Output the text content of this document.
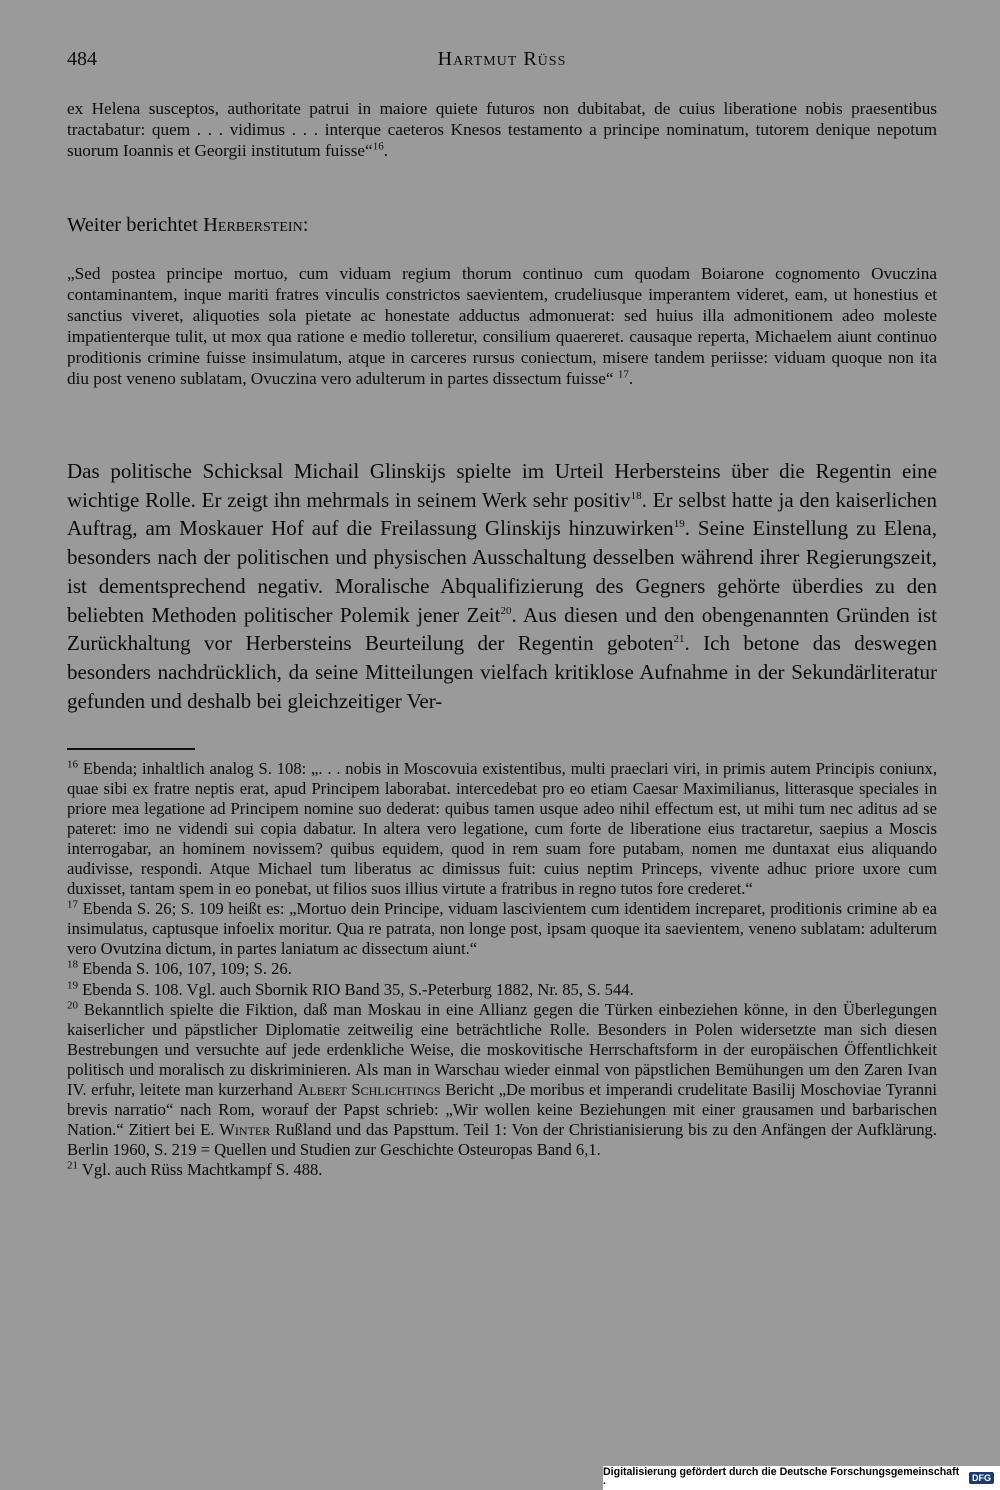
484	Hartmut Rüss
ex Helena susceptos, authoritate patrui in maiore quiete futuros non dubitabat, de cuius liberatione nobis praesentibus tractabatur: quem . . . vidimus . . . interque caeteros Knesos testamento a principe nominatum, tutorem denique nepotum suorum Ioannis et Georgii institutum fuisse“$^{16}$.
Weiter berichtet Herberstein:
„Sed postea principe mortuo, cum viduam regium thorum continuo cum quodam Boiarone cognomento Ovuczina contaminantem, inque mariti fratres vinculis constrictos saevientem, crudeliusque imperantem videret, eam, ut honestius et sanctius viveret, aliquoties sola pietate ac honestate adductus admonuerat: sed huius illa admonitionem adeo moleste impatienterque tulit, ut mox qua ratione e medio tolleretur, consilium quaereret. causaque reperta, Michaelem aiunt continuo proditionis crimine fuisse insimulatum, atque in carceres rursus coniectum, misere tandem periisse: viduam quoque non ita diu post veneno sublatam, Ovuczina vero adulterum in partes dissectum fuisse“ $^{17}$.
Das politische Schicksal Michail Glinskijs spielte im Urteil Herbersteins über die Regentin eine wichtige Rolle. Er zeigt ihn mehrmals in seinem Werk sehr positiv$^{18}$. Er selbst hatte ja den kaiserlichen Auftrag, am Moskauer Hof auf die Freilassung Glinskijs hinzuwirken$^{19}$. Seine Einstellung zu Elena, besonders nach der politischen und physischen Ausschaltung desselben während ihrer Regierungszeit, ist dementsprechend negativ. Moralische Abqualifizierung des Gegners gehörte überdies zu den beliebten Methoden politischer Polemik jener Zeit$^{20}$. Aus diesen und den obengenannten Gründen ist Zurückhaltung vor Herbersteins Beurteilung der Regentin geboten$^{21}$. Ich betone das deswegen besonders nachdrücklich, da seine Mitteilungen vielfach kritiklose Aufnahme in der Sekundärliteratur gefunden und deshalb bei gleichzeitiger Ver-

$^{16}$ Ebenda; inhaltlich analog S. 108: „. . . nobis in Moscovuia existentibus, multi praeclari viri, in primis autem Principis coniunx, quae sibi ex fratre neptis erat, apud Principem laborabat. intercedebat pro eo etiam Caesar Maximilianus, litterasque speciales in priore mea legatione ad Principem nomine suo dederat: quibus tamen usque adeo nihil effectum est, ut mihi tum nec aditus ad se pateret: imo ne videndi sui copia dabatur. In altera vero legatione, cum forte de liberatione eius tractaretur, saepius a Moscis interrogabar, an hominem novissem? quibus equidem, quod in rem suam fore putabam, nomen me duntaxat eius aliquando audivisse, respondi. Atque Michael tum liberatus ac dimissus fuit: cuius neptim Princeps, vivente adhuc priore uxore cum duxisset, tantam spem in eo ponebat, ut filios suos illius virtute a fratribus in regno tutos fore crederet.“

$^{17}$ Ebenda S. 26; S. 109 heißt es: „Mortuo dein Principe, viduam lascivientem cum identidem increparet, proditionis crimine ab ea insimulatus, captusque infoelix moritur. Qua re patrata, non longe post, ipsam quoque ita saevientem, veneno sublatam: adulterum vero Ovutzina dictum, in partes laniatum ac dissectum aiunt.“

$^{18}$ Ebenda S. 106, 107, 109; S. 26.

$^{19}$ Ebenda S. 108. Vgl. auch Sbornik RIO Band 35, S.-Peterburg 1882, Nr. 85, S. 544.

$^{20}$ Bekanntlich spielte die Fiktion, daß man Moskau in eine Allianz gegen die Türken einbeziehen könne, in den Überlegungen kaiserlicher und päpstlicher Diplomatie zeitweilig eine beträchtliche Rolle. Besonders in Polen widersetzte man sich diesen Bestrebungen und versuchte auf jede erdenkliche Weise, die moskovitische Herrschaftsform in der europäischen Öffentlichkeit politisch und moralisch zu diskriminieren. Als man in Warschau wieder einmal von päpstlichen Bemühungen um den Zaren Ivan IV. erfuhr, leitete man kurzerhand Albert Schlichtings Bericht „De moribus et imperandi crudelitate Basilij Moschoviae Tyranni brevis narratio“ nach Rom, worauf der Papst schrieb: „Wir wollen keine Beziehungen mit einer grausamen und barbarischen Nation.“ Zitiert bei E. Winter Rußland und das Papsttum. Teil 1: Von der Christianisierung bis zu den Anfängen der Aufklärung. Berlin 1960, S. 219 = Quellen und Studien zur Geschichte Osteuropas Band 6,1.

$^{21}$ Vgl. auch Rüss Machtkampf S. 488.

Digitalisierung gefördert durch die Deutsche Forschungsgemeinschaft ·	DFG
